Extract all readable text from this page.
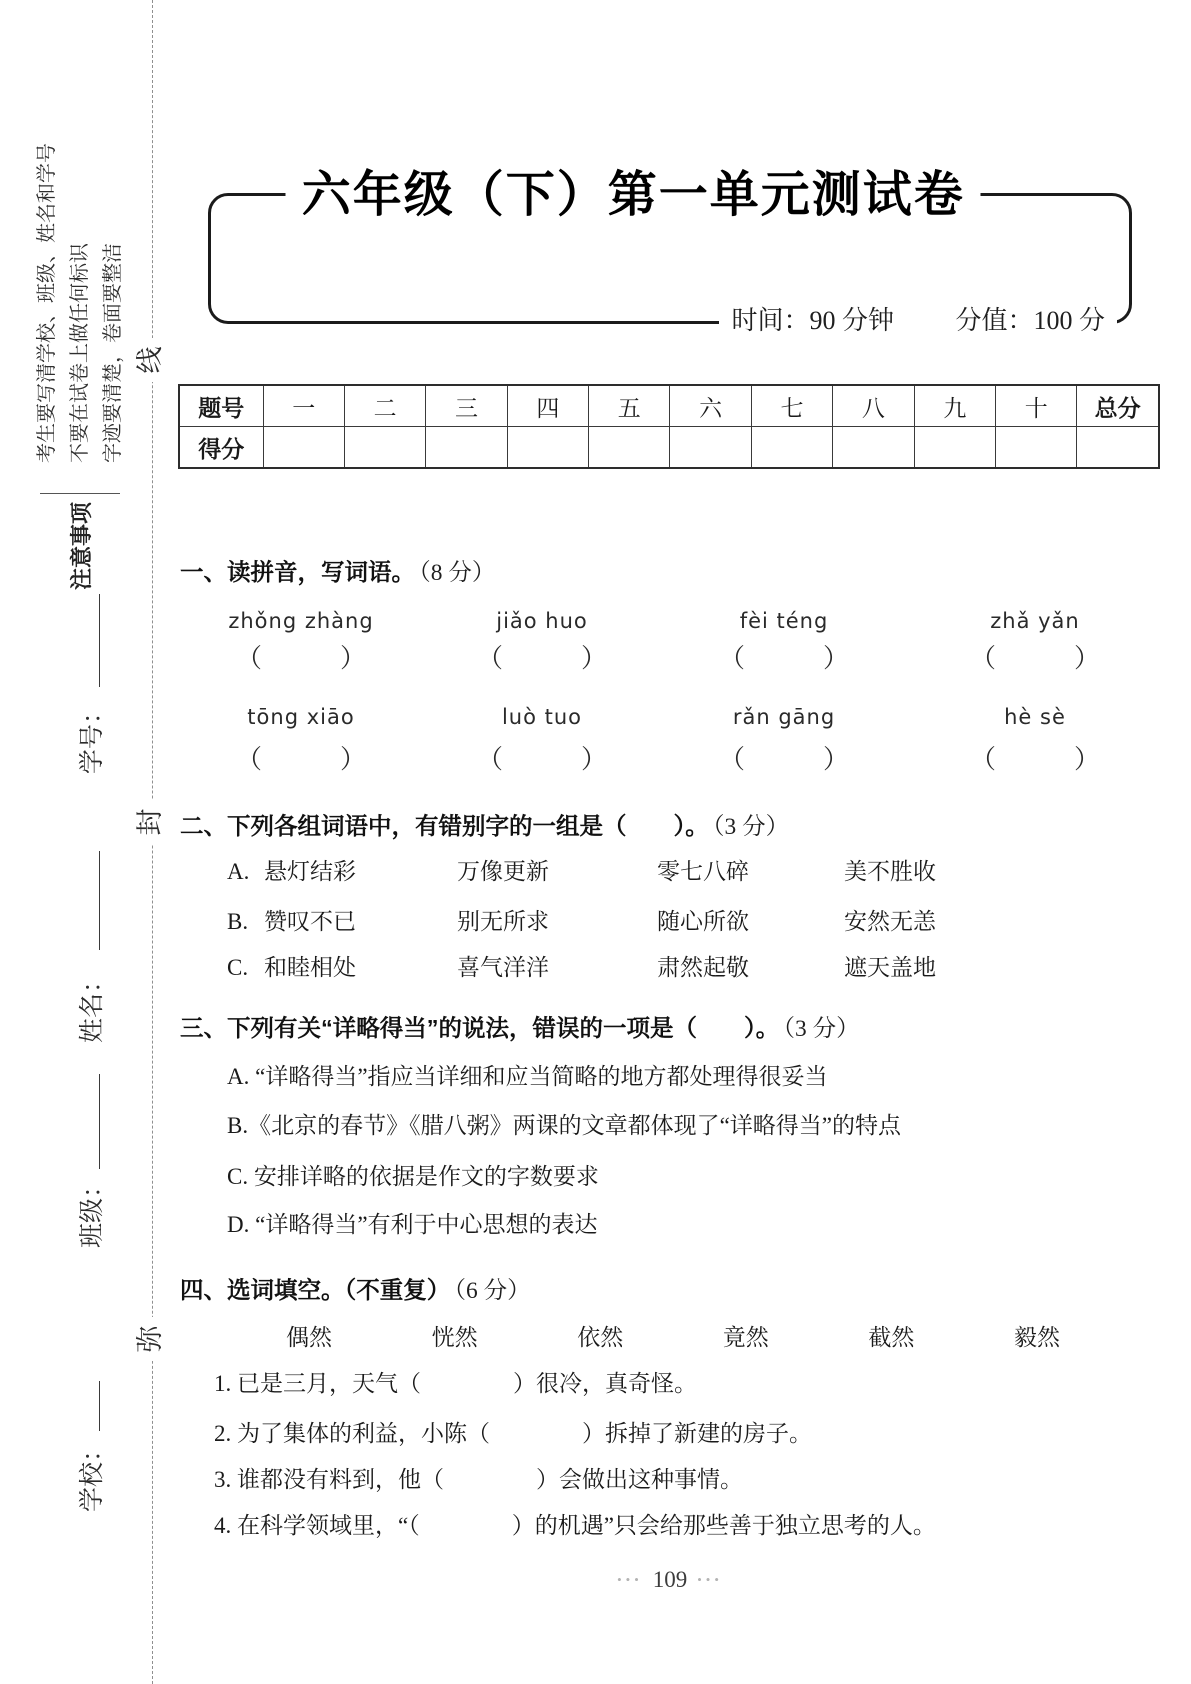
线
封
弥
注意事项
考生要写清学校、班级、姓名和学号 不要在试卷上做任何标识 字迹要清楚，卷面要整洁
学校： 班级： 姓名： 学号：
六年级（下）第一单元测试卷
时间：90 分钟 分值：100 分
题号	一	二	三	四	五	六	七	八	九	十	总分
得分											
一、读拼音，写词语。 （8 分）
zhǒng zhàng	jiǎo huo	fèi téng	zhǎ yǎn
（　　　）	（　　　）	（　　　）	（　　　）
tōng xiāo	luò tuo	rǎn gāng	hè sè
（　　　）	（　　　）	（　　　）	（　　　）
二、下列各组词语中，有错别字的一组是（　　）。 （3 分）
A. 悬灯结彩	万像更新	零七八碎	美不胜收
B. 赞叹不已	别无所求	随心所欲	安然无恙
C. 和睦相处	喜气洋洋	肃然起敬	遮天盖地
三、下列有关“详略得当”的说法，错误的一项是（　　）。 （3 分）
A. “详略得当”指应当详细和应当简略的地方都处理得很妥当
B.《北京的春节》《腊八粥》两课的文章都体现了“详略得当”的特点
C. 安排详略的依据是作文的字数要求
D. “详略得当”有利于中心思想的表达
四、选词填空。（不重复） （6 分）
偶然	恍然	依然	竟然	截然	毅然
1. 已是三月，天气（　　　　）很冷，真奇怪。
2. 为了集体的利益，小陈（　　　　）拆掉了新建的房子。
3. 谁都没有料到，他（　　　　）会做出这种事情。
4. 在科学领域里，“（　　　　）的机遇”只会给那些善于独立思考的人。
••• 109 •••
